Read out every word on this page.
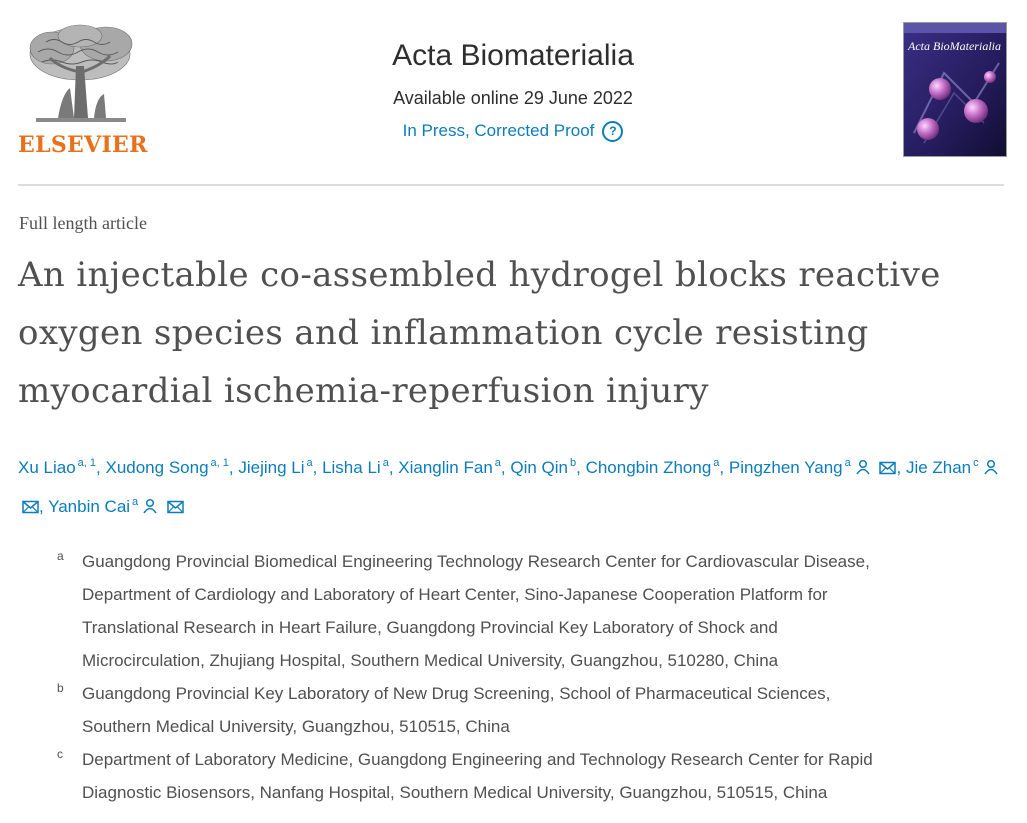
ELSEVIER
Acta Biomaterialia
Available online 29 June 2022
In Press, Corrected Proof	?
Acta BioMaterialia
Full length article
An injectable co-assembled hydrogel blocks reactive oxygen species and inflammation cycle resisting myocardial ischemia-reperfusion injury
Xu Liao $^{a, 1}$, Xudong Song $^{a, 1}$, Jiejing Li $^a$, Lisha Li $^a$, Xianglin Fan $^a$, Qin Qin $^b$, Chongbin Zhong $^a$, Pingzhen Yang $^a$	, Jie Zhan $^c$ , Yanbin Cai $^a$
a Guangdong Provincial Biomedical Engineering Technology Research Center for Cardiovascular Disease,
Department of Cardiology and Laboratory of Heart Center, Sino-Japanese Cooperation Platform for
Translational Research in Heart Failure, Guangdong Provincial Key Laboratory of Shock and
Microcirculation, Zhujiang Hospital, Southern Medical University, Guangzhou, 510280, China
b Guangdong Provincial Key Laboratory of New Drug Screening, School of Pharmaceutical Sciences,
Southern Medical University, Guangzhou, 510515, China
c Department of Laboratory Medicine, Guangdong Engineering and Technology Research Center for Rapid
Diagnostic Biosensors, Nanfang Hospital, Southern Medical University, Guangzhou, 510515, China
